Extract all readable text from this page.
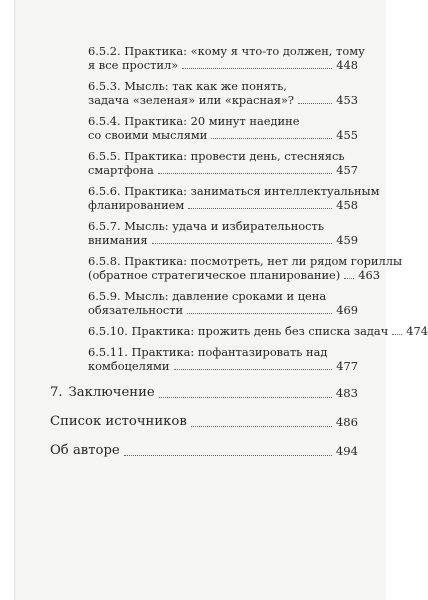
6.5.2. Практика: «кому я что-то должен, тому
я все простил»	448
6.5.3. Мысль: так как же понять,
задача «зеленая» или «красная»?	453
6.5.4. Практика: 20 минут наедине
со своими мыслями	455
6.5.5. Практика: провести день, стесняясь
смартфона	457
6.5.6. Практика: заниматься интеллектуальным
фланированием	458
6.5.7. Мысль: удача и избирательность
внимания	459
6.5.8. Практика: посмотреть, нет ли рядом гориллы
(обратное стратегическое планирование) 463
6.5.9. Мысль: давление сроками и цена
обязательности	469
6.5.10. Практика: прожить день без списка задач 474
6.5.11. Практика: пофантазировать над
комбоцелями	477
7. Заключение	483
Список источников	486
Об авторе	494
